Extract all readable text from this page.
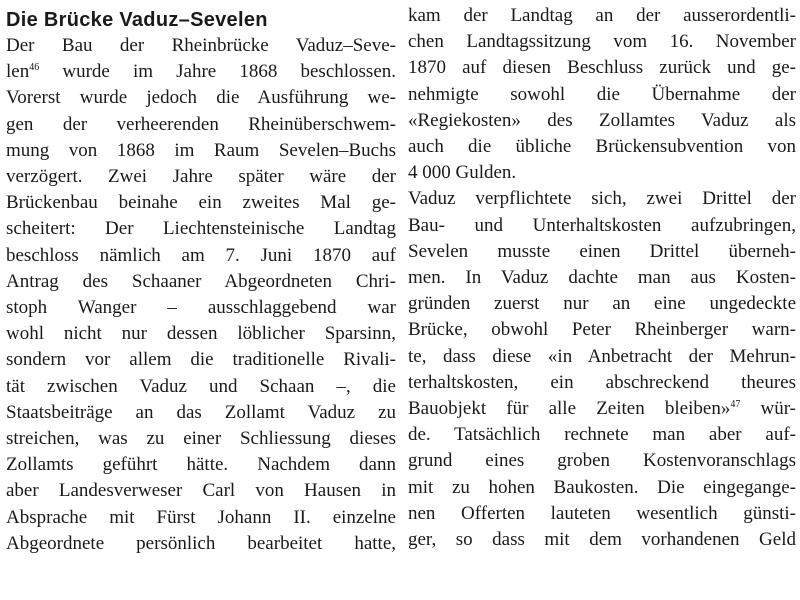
Die Brücke Vaduz–Sevelen
Der Bau der Rheinbrücke Vaduz–Seve-
len$^{46}$ wurde im Jahre 1868 beschlossen.
Vorerst wurde jedoch die Ausführung we-
gen der verheerenden Rheinüberschwem-
mung von 1868 im Raum Sevelen–Buchs
verzögert. Zwei Jahre später wäre der
Brückenbau beinahe ein zweites Mal ge-
scheitert: Der Liechtensteinische Landtag
beschloss nämlich am 7. Juni 1870 auf
Antrag des Schaaner Abgeordneten Chri-
stoph Wanger – ausschlaggebend war
wohl nicht nur dessen löblicher Sparsinn,
sondern vor allem die traditionelle Rivali-
tät zwischen Vaduz und Schaan –, die
Staatsbeiträge an das Zollamt Vaduz zu
streichen, was zu einer Schliessung dieses
Zollamts geführt hätte. Nachdem dann
aber Landesverweser Carl von Hausen in
Absprache mit Fürst Johann II. einzelne
Abgeordnete persönlich bearbeitet hatte,
kam der Landtag an der ausserordentli-
chen Landtagssitzung vom 16. November
1870 auf diesen Beschluss zurück und ge-
nehmigte sowohl die Übernahme der
«Regiekosten» des Zollamtes Vaduz als
auch die übliche Brückensubvention von
4 000 Gulden.
Vaduz verpflichtete sich, zwei Drittel der
Bau- und Unterhaltskosten aufzubringen,
Sevelen musste einen Drittel überneh-
men. In Vaduz dachte man aus Kosten-
gründen zuerst nur an eine ungedeckte
Brücke, obwohl Peter Rheinberger warn-
te, dass diese «in Anbetracht der Mehrun-
terhaltskosten, ein abschreckend theures
Bauobjekt für alle Zeiten bleiben»$^{47}$ wür-
de. Tatsächlich rechnete man aber auf-
grund eines groben Kostenvoranschlags
mit zu hohen Baukosten. Die eingegange-
nen Offerten lauteten wesentlich günsti-
ger, so dass mit dem vorhandenen Geld
